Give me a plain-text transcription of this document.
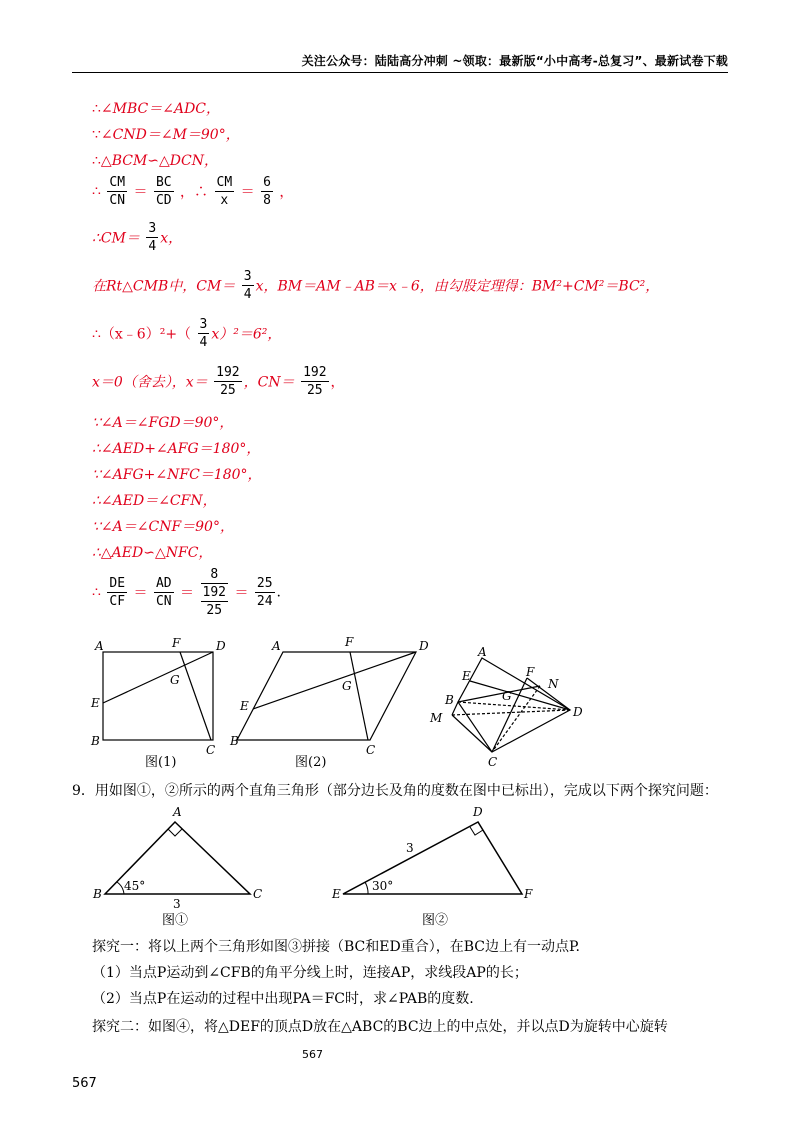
关注公众号：陆陆高分冲刺 ~领取：最新版“小中高考-总复习”、最新试卷下载
∴∠MBC＝∠ADC，
∵∠CND＝∠M＝90°，
∴△BCM∽△DCN，
∴ $\frac{CM}{CN} = \frac{BC}{CD}$ ，∴ $\frac{CM}{x} = \frac{6}{8}$ ，
∴CM＝ $\frac{3}{4}$ x，
在Rt△CMB中，$CM= \frac{3}{4}$ x，BM＝AM﹣AB＝x﹣6，由勾股定理得：BM²+CM²＝BC²，
∴（x﹣6）²+（ $\frac{3}{4} x)^2=6^2$，
x＝0（舍去），$x= \frac{192}{25}$ ，$CN= \frac{192}{25}$ ，
∵∠A＝∠FGD＝90°，
∴∠AED+∠AFG＝180°，
∵∠AFG+∠NFC＝180°，
∴∠AED＝∠CFN，
∵∠A＝∠CNF＝90°，
∴△AED∽△NFC，
∴ $\frac{DE}{CF} = \frac{AD}{CN}$ ＝
8
192
25
＝ $\frac{25}{24}$ .
A	F	D
G
E
B
C
图(1)
A	F	D
G
E
B
C
图(2)
A
E	F
N
B	G
M	D
C
9．用如图①，②所示的两个直角三角形（部分边长及角的度数在图中已标出），完成以下两个探究问题：
A
B	C
45°
3
图①
D
E	F
30°
3
图②
探究一：将以上两个三角形如图③拼接（BC和ED重合），在BC边上有一动点P.
（1）当点P运动到∠CFB的角平分线上时，连接AP，求线段AP的长；
（2）当点P在运动的过程中出现PA＝FC时，求∠PAB的度数.
探究二：如图④，将△DEF的顶点D放在△ABC的BC边上的中点处，并以点D为旋转中心旋转
567
567
